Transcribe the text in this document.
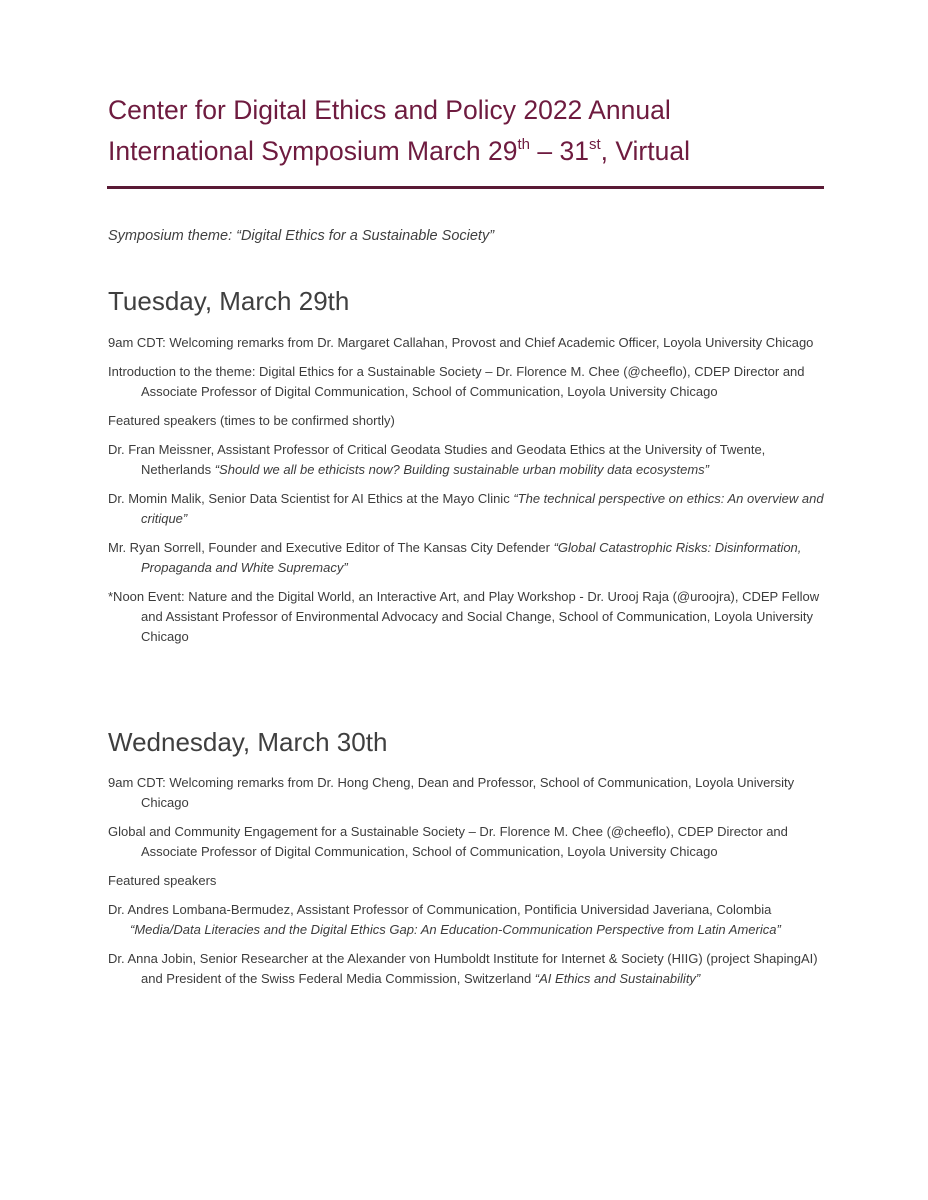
Center for Digital Ethics and Policy 2022 Annual
International Symposium March 29th – 31st, Virtual

Symposium theme: “Digital Ethics for a Sustainable Society”

Tuesday, March 29th

9am CDT: Welcoming remarks from Dr. Margaret Callahan, Provost and Chief Academic Officer, Loyola University Chicago

Introduction to the theme: Digital Ethics for a Sustainable Society – Dr. Florence M. Chee (@cheeflo), CDEP Director and Associate Professor of Digital Communication, School of Communication, Loyola University Chicago

Featured speakers (times to be confirmed shortly)

Dr. Fran Meissner, Assistant Professor of Critical Geodata Studies and Geodata Ethics at the University of Twente, Netherlands “Should we all be ethicists now? Building sustainable urban mobility data ecosystems”

Dr. Momin Malik, Senior Data Scientist for AI Ethics at the Mayo Clinic “The technical perspective on ethics: An overview and critique”

Mr. Ryan Sorrell, Founder and Executive Editor of The Kansas City Defender “Global Catastrophic Risks: Disinformation, Propaganda and White Supremacy”

*Noon Event: Nature and the Digital World, an Interactive Art, and Play Workshop - Dr. Urooj Raja (@uroojra), CDEP Fellow and Assistant Professor of Environmental Advocacy and Social Change, School of Communication, Loyola University Chicago

Wednesday, March 30th

9am CDT: Welcoming remarks from Dr. Hong Cheng, Dean and Professor, School of Communication, Loyola University Chicago

Global and Community Engagement for a Sustainable Society – Dr. Florence M. Chee (@cheeflo), CDEP Director and Associate Professor of Digital Communication, School of Communication, Loyola University Chicago

Featured speakers

Dr. Andres Lombana-Bermudez, Assistant Professor of Communication, Pontificia Universidad Javeriana, Colombia
“Media/Data Literacies and the Digital Ethics Gap: An Education-Communication Perspective from Latin America”

Dr. Anna Jobin, Senior Researcher at the Alexander von Humboldt Institute for Internet & Society (HIIG) (project ShapingAI) and President of the Swiss Federal Media Commission, Switzerland “AI Ethics and Sustainability”
